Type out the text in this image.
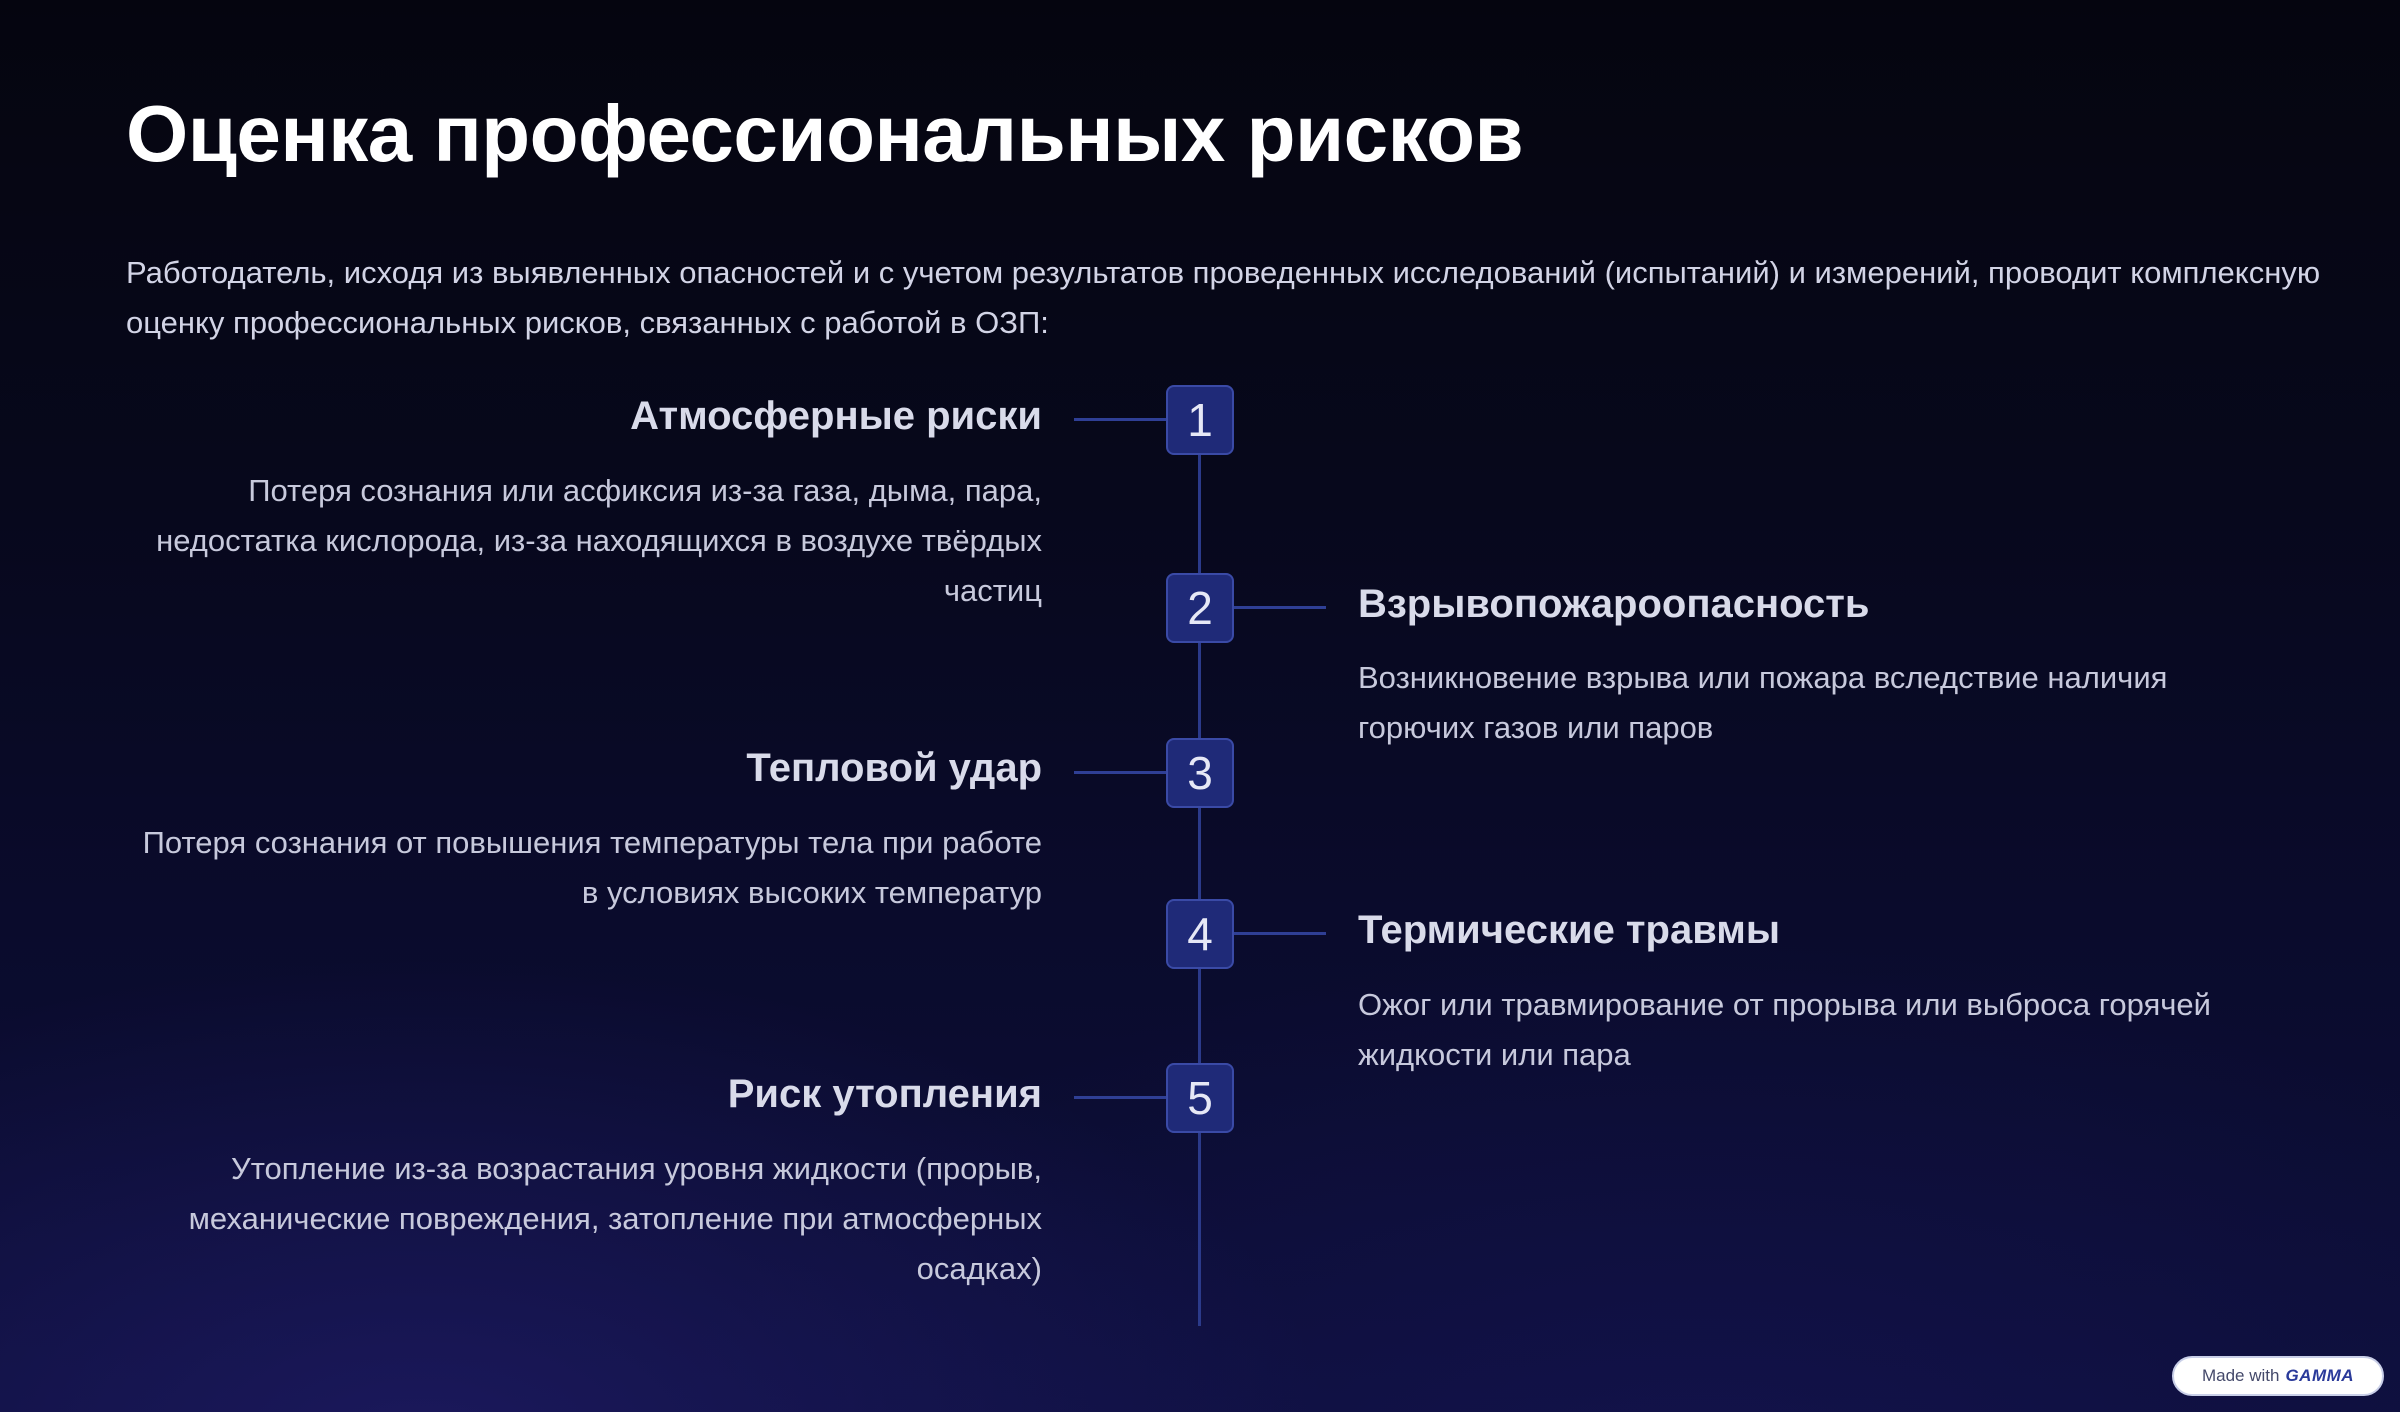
Оценка профессиональных рисков

Работодатель, исходя из выявленных опасностей и с учетом результатов проведенных исследований (испытаний) и измерений, проводит комплексную оценку профессиональных рисков, связанных с работой в ОЗП:

1
Атмосферные риски

Потеря сознания или асфиксия из-за газа, дыма, пара, недостатка кислорода, из-за находящихся в воздухе твёрдых частиц	2	Взрывопожароопасность

Возникновение взрыва или пожара вследствие наличия горючих газов или паров

3
Тепловой удар

Потеря сознания от повышения температуры тела при работе в условиях высоких температур

4	Термические травмы

Ожог или травмирование от прорыва или выброса горячей жидкости или пара

5
Риск утопления

Утопление из-за возрастания уровня жидкости (прорыв, механические повреждения, затопление при атмосферных осадках)

Made with GAMMA
